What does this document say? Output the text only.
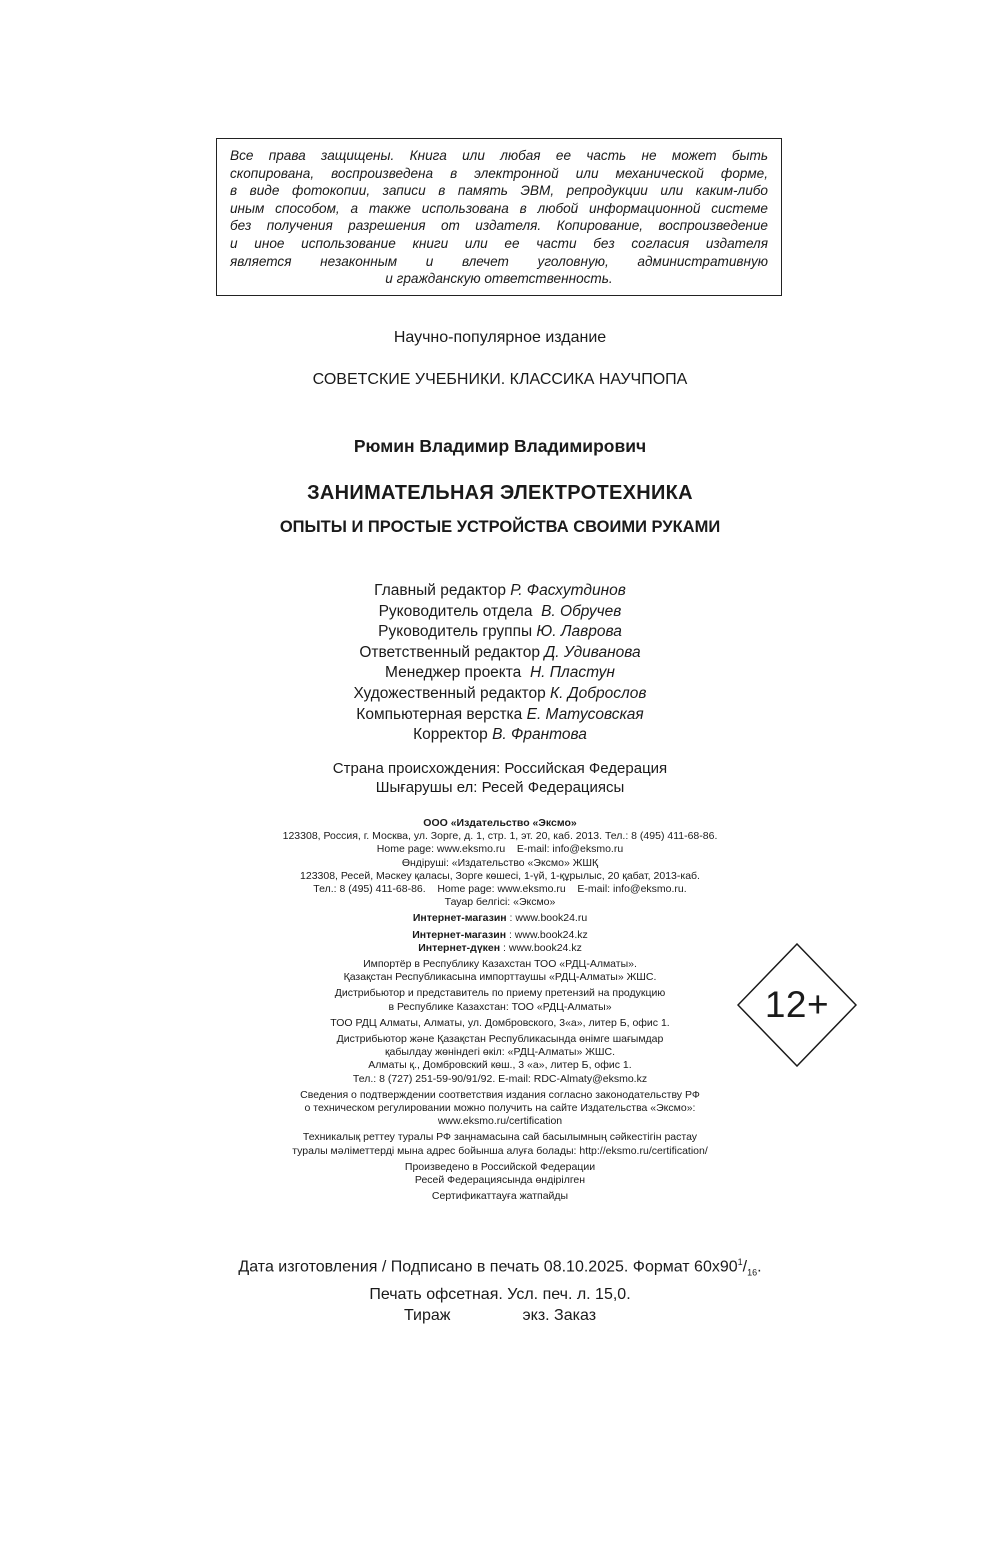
Все права защищены. Книга или любая ее часть не может быть
скопирована, воспроизведена в электронной или механической форме,
в виде фотокопии, записи в память ЭВМ, репродукции или каким-либо
иным способом, а также использована в любой информационной системе
без получения разрешения от издателя. Копирование, воспроизведение
и иное использование книги или ее части без согласия издателя
является незаконным и влечет уголовную, административную
и гражданскую ответственность.
Научно-популярное издание
СОВЕТСКИЕ УЧЕБНИКИ. КЛАССИКА НАУЧПОПА
Рюмин Владимир Владимирович
ЗАНИМАТЕЛЬНАЯ ЭЛЕКТРОТЕХНИКА
ОПЫТЫ И ПРОСТЫЕ УСТРОЙСТВА СВОИМИ РУКАМИ
Главный редактор Р. Фасхутдинов
Руководитель отдела В. Обручев
Руководитель группы Ю. Лаврова
Ответственный редактор Д. Удиванова
Менеджер проекта Н. Пластун
Художественный редактор К. Доброслов
Компьютерная верстка Е. Матусовская
Корректор В. Франтова
Страна происхождения: Российская Федерация
Шығарушы ел: Ресей Федерациясы
ООО «Издательство «Эксмо»
123308, Россия, г. Москва, ул. Зорге, д. 1, стр. 1, эт. 20, каб. 2013. Тел.: 8 (495) 411-68-86.
Home page: www.eksmo.ru    E-mail: info@eksmo.ru
Өндіруші: «Издательство «Эксмо» ЖШҚ
123308, Ресей, Мәскеу қаласы, Зорге көшесі, 1-үй, 1-құрылыс, 20 қабат, 2013-каб.
Тел.: 8 (495) 411-68-86.    Home page: www.eksmo.ru    E-mail: info@eksmo.ru.
Тауар белгісі: «Эксмо»
Интернет-магазин : www.book24.ru
Интернет-магазин : www.book24.kz
Интернет-дүкен : www.book24.kz
Импортёр в Республику Казахстан ТОО «РДЦ-Алматы».
Қазақстан Республикасына импорттаушы «РДЦ-Алматы» ЖШС.
Дистрибьютор и представитель по приему претензий на продукцию
в Республике Казахстан: ТОО «РДЦ-Алматы»
ТОО РДЦ Алматы, Алматы, ул. Домбровского, 3«а», литер Б, офис 1.
Дистрибьютор және Қазақстан Республикасында өнімге шағымдар
қабылдау жөніндегі өкіл: «РДЦ-Алматы» ЖШС.
Алматы қ., Домбровский көш., 3 «а», литер Б, офис 1.
Тел.: 8 (727) 251-59-90/91/92. E-mail: RDC-Almaty@eksmo.kz
Сведения о подтверждении соответствия издания согласно законодательству РФ
о техническом регулировании можно получить на сайте Издательства «Эксмо»:
www.eksmo.ru/certification
Техникалық реттеу туралы РФ заңнамасына сай басылымның сәйкестігін растау
туралы мәліметтерді мына адрес бойынша алуға болады: http://eksmo.ru/certification/
Произведено в Российской Федерации
Ресей Федерациясында өндірілген
Сертификаттауға жатпайды
12+
Дата изготовления / Подписано в печать 08.10.2025. Формат $60x90^1/_{16}$.
Печать офсетная. Усл. печ. л. 15,0.
Тираж	экз. Заказ
